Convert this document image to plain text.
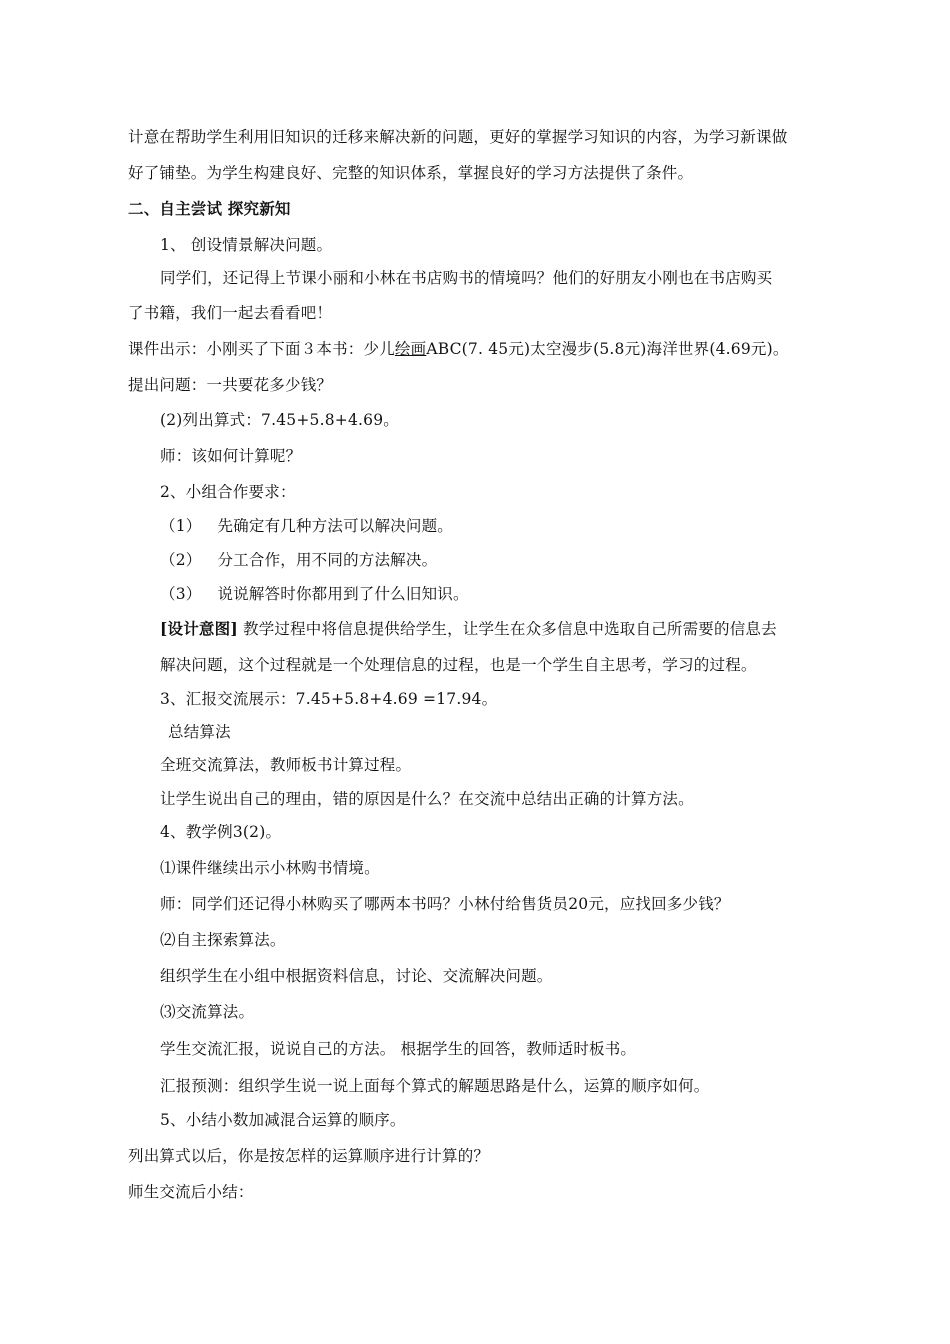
计意在帮助学生利用旧知识的迁移来解决新的问题，更好的掌握学习知识的内容，为学习新课做
好了铺垫。为学生构建良好、完整的知识体系，掌握良好的学习方法提供了条件。
二、自主尝试 探究新知
1、 创设情景解决问题。
同学们，还记得上节课小丽和小林在书店购书的情境吗？他们的好朋友小刚也在书店购买
了书籍，我们一起去看看吧！
课件出示：小刚买了下面３本书：少儿绘画ABC(7. 45元)太空漫步(5.8元)海洋世界(4.69元)。
提出问题：一共要花多少钱？
(2)列出算式：7.45+5.8+4.69。
师：该如何计算呢？
2、小组合作要求：
（1） 先确定有几种方法可以解决问题。
（2） 分工合作，用不同的方法解决。
（3） 说说解答时你都用到了什么旧知识。
[设计意图] 教学过程中将信息提供给学生，让学生在众多信息中选取自己所需要的信息去
解决问题，这个过程就是一个处理信息的过程，也是一个学生自主思考，学习的过程。
3、汇报交流展示：7.45+5.8+4.69 =17.94。
总结算法
全班交流算法，教师板书计算过程。
让学生说出自己的理由，错的原因是什么？在交流中总结出正确的计算方法。
4、教学例3(2)。
⑴课件继续出示小林购书情境。
师：同学们还记得小林购买了哪两本书吗？小林付给售货员20元，应找回多少钱？
⑵自主探索算法。
组织学生在小组中根据资料信息，讨论、交流解决问题。
⑶交流算法。
学生交流汇报，说说自己的方法。 根据学生的回答，教师适时板书。
汇报预测：组织学生说一说上面每个算式的解题思路是什么，运算的顺序如何。
5、小结小数加减混合运算的顺序。
列出算式以后，你是按怎样的运算顺序进行计算的？
师生交流后小结：
